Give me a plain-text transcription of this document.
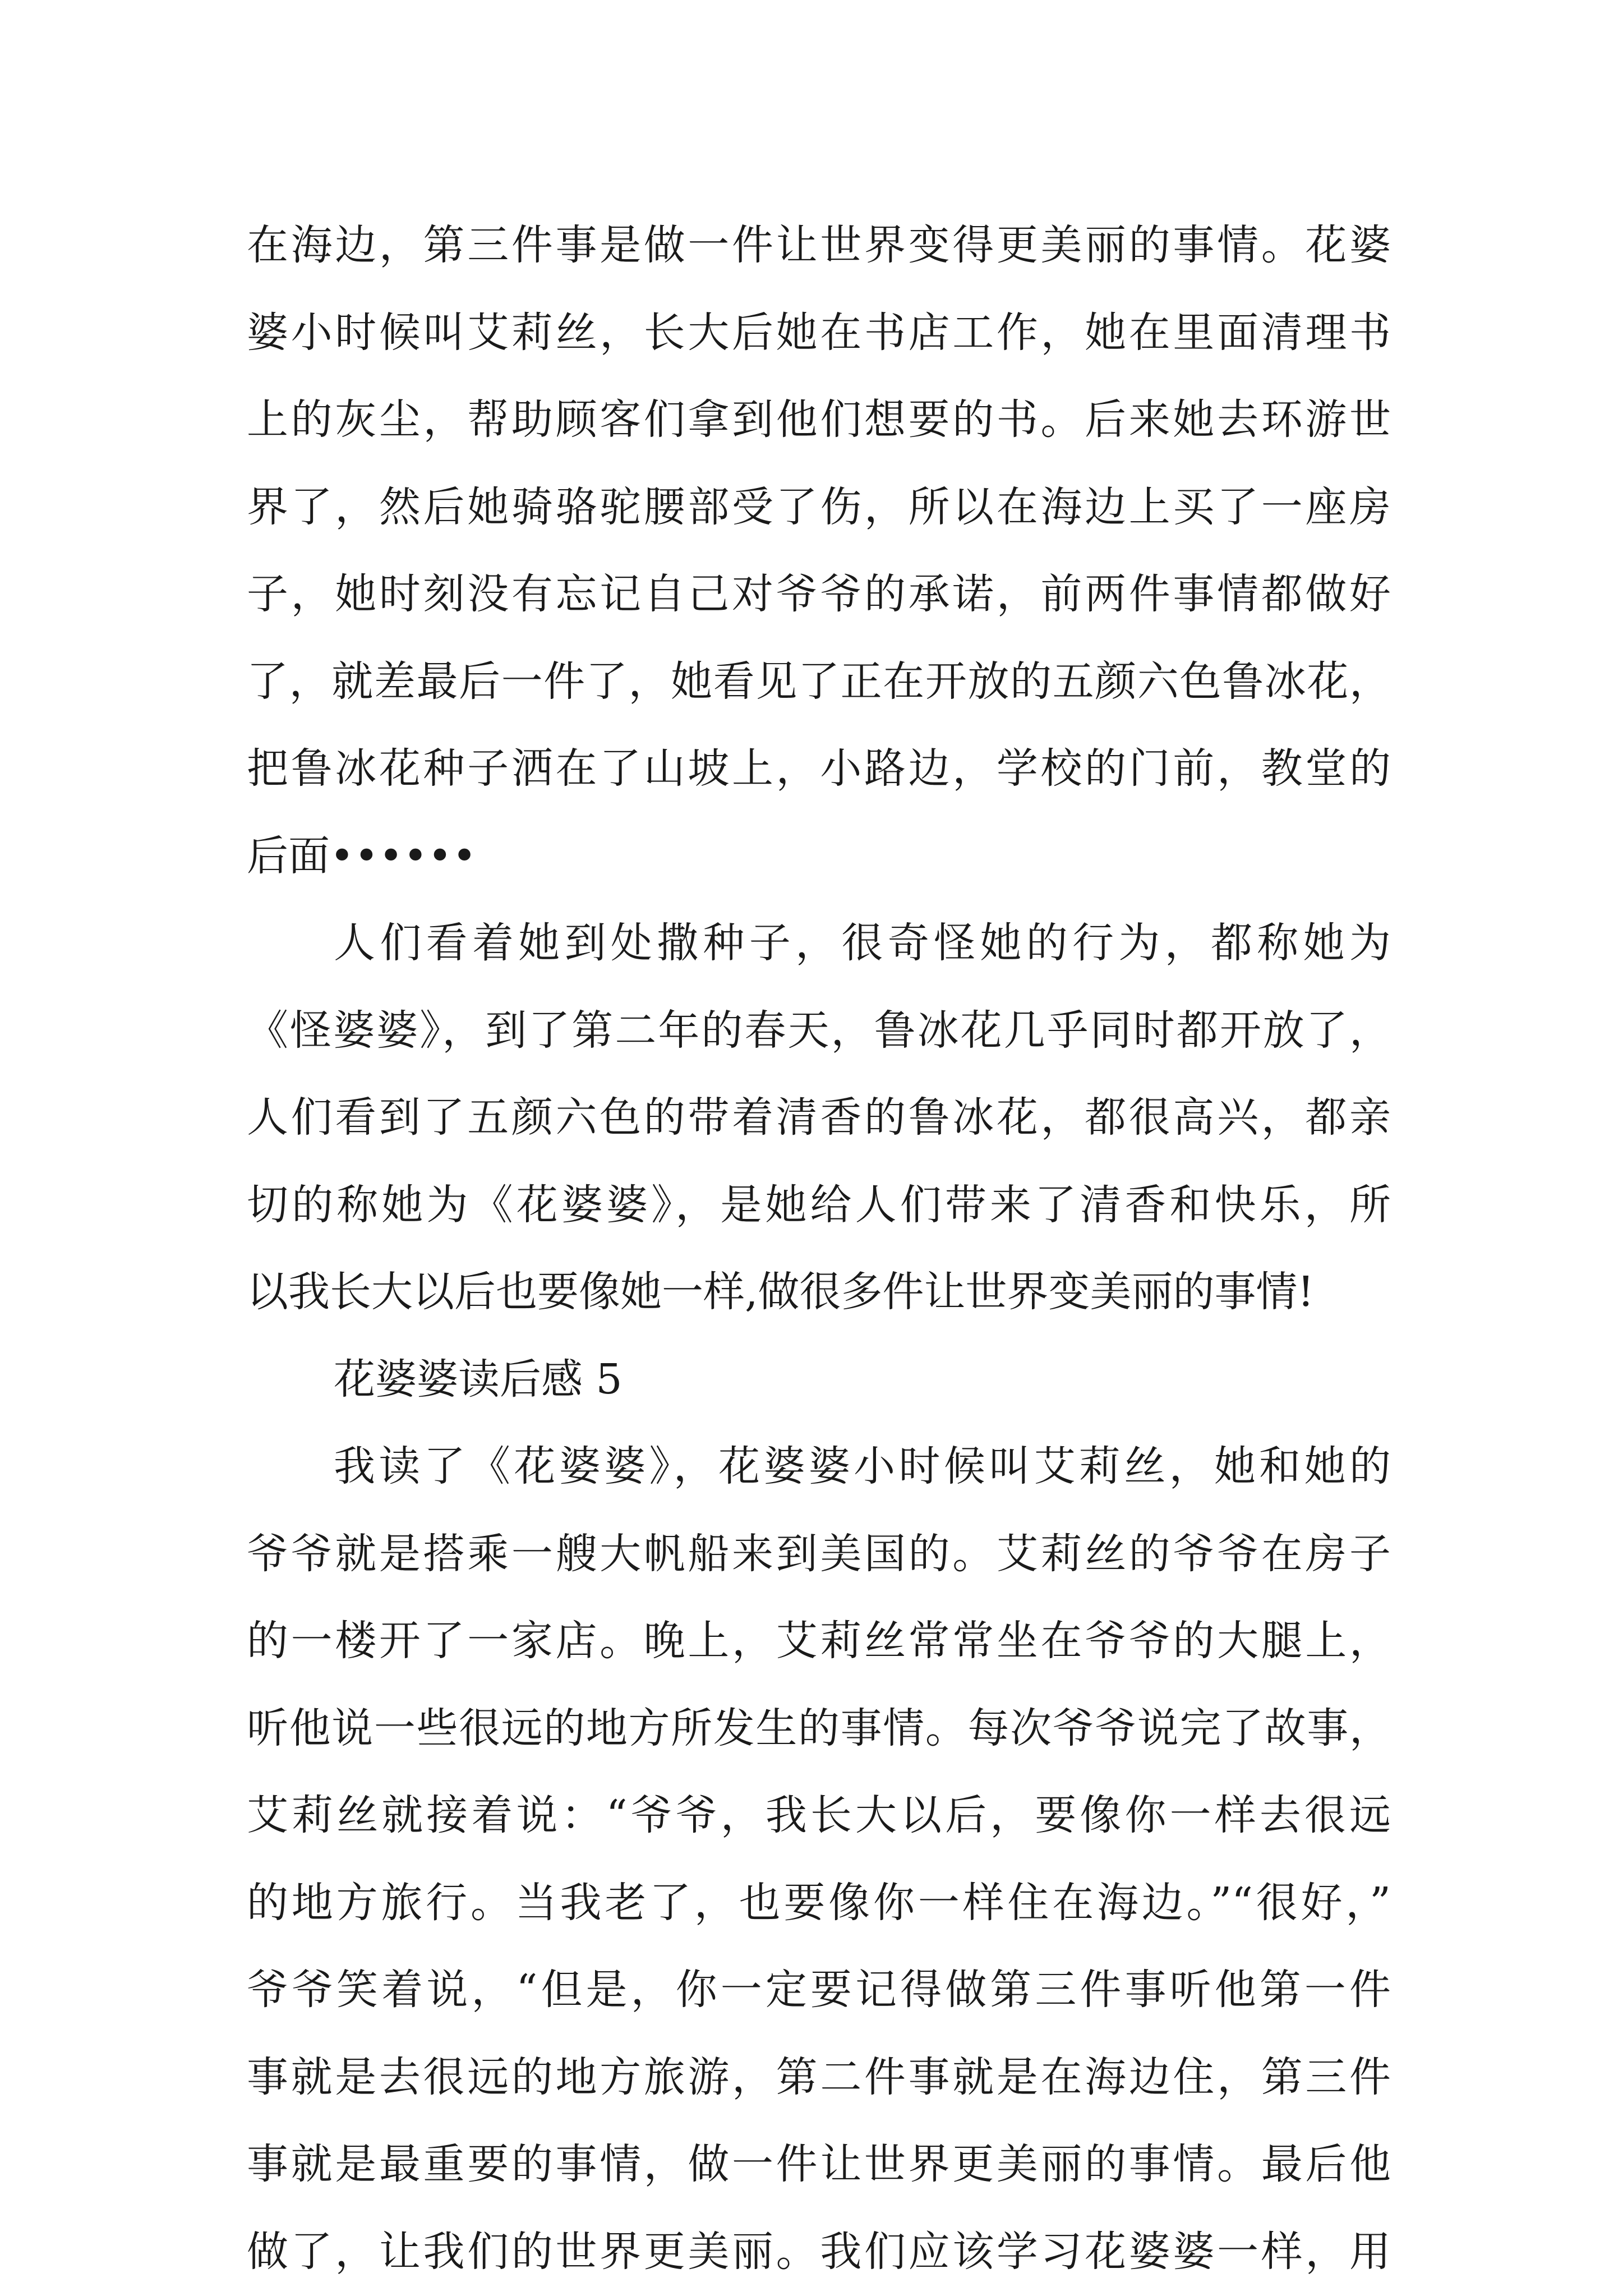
在海边，第三件事是做一件让世界变得更美丽的事情。花婆
婆小时候叫艾莉丝，长大后她在书店工作，她在里面清理书
上的灰尘，帮助顾客们拿到他们想要的书。后来她去环游世
界了，然后她骑骆驼腰部受了伤，所以在海边上买了一座房
子，她时刻没有忘记自己对爷爷的承诺，前两件事情都做好
了，就差最后一件了，她看见了正在开放的五颜六色鲁冰花，
把鲁冰花种子洒在了山坡上，小路边，学校的门前，教堂的
后面••••••
人们看着她到处撒种子，很奇怪她的行为，都称她为
《怪婆婆》，到了第二年的春天，鲁冰花几乎同时都开放了，
人们看到了五颜六色的带着清香的鲁冰花，都很高兴，都亲
切的称她为《花婆婆》，是她给人们带来了清香和快乐，所
以我长大以后也要像她一样,做很多件让世界变美丽的事情!
花婆婆读后感 5
我读了《花婆婆》，花婆婆小时候叫艾莉丝，她和她的
爷爷就是搭乘一艘大帆船来到美国的。艾莉丝的爷爷在房子
的一楼开了一家店。晚上，艾莉丝常常坐在爷爷的大腿上，
听他说一些很远的地方所发生的事情。每次爷爷说完了故事，
艾莉丝就接着说：“爷爷，我长大以后，要像你一样去很远
的地方旅行。当我老了，也要像你一样住在海边。”“很好，”
爷爷笑着说，“但是，你一定要记得做第三件事听他第一件
事就是去很远的地方旅游，第二件事就是在海边住，第三件
事就是最重要的事情，做一件让世界更美丽的事情。最后他
做了，让我们的世界更美丽。我们应该学习花婆婆一样，用
